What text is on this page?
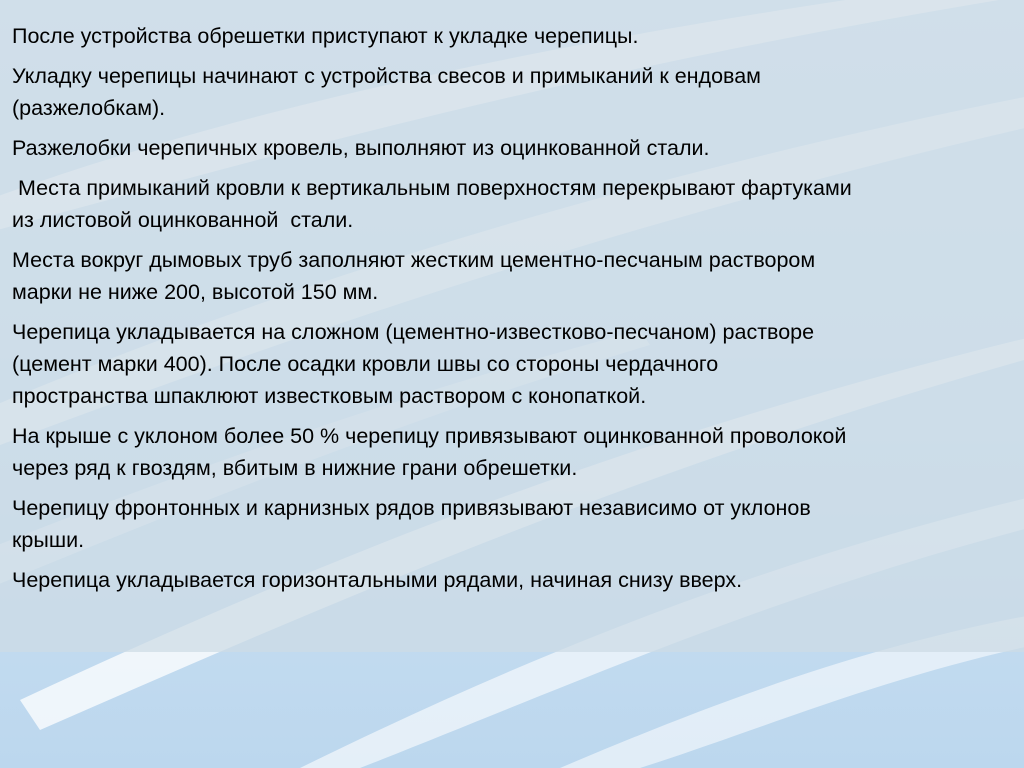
После устройства обрешетки приступают к укладке черепицы.

Укладку черепицы начинают с устройства свесов и примыканий к ендовам
(разжелобкам).

Разжелобки черепичных кровель, выполняют из оцинкованной стали.

Места примыканий кровли к вертикальным поверхностям перекрывают фартуками
из листовой оцинкованной  стали.

Места вокруг дымовых труб заполняют жестким цементно-песчаным раствором
марки не ниже 200, высотой 150 мм.

Черепица укладывается на сложном (цементно-известково-песчаном) растворе
(цемент марки 400). После осадки кровли швы со стороны чердачного
пространства шпаклюют известковым раствором с конопаткой.

На крыше с уклоном более 50 % черепицу привязывают оцинкованной проволокой
через ряд к гвоздям, вбитым в нижние грани обрешетки.

Черепицу фронтонных и карнизных рядов привязывают независимо от уклонов
крыши.

Черепица укладывается горизонтальными рядами, начиная снизу вверх.
